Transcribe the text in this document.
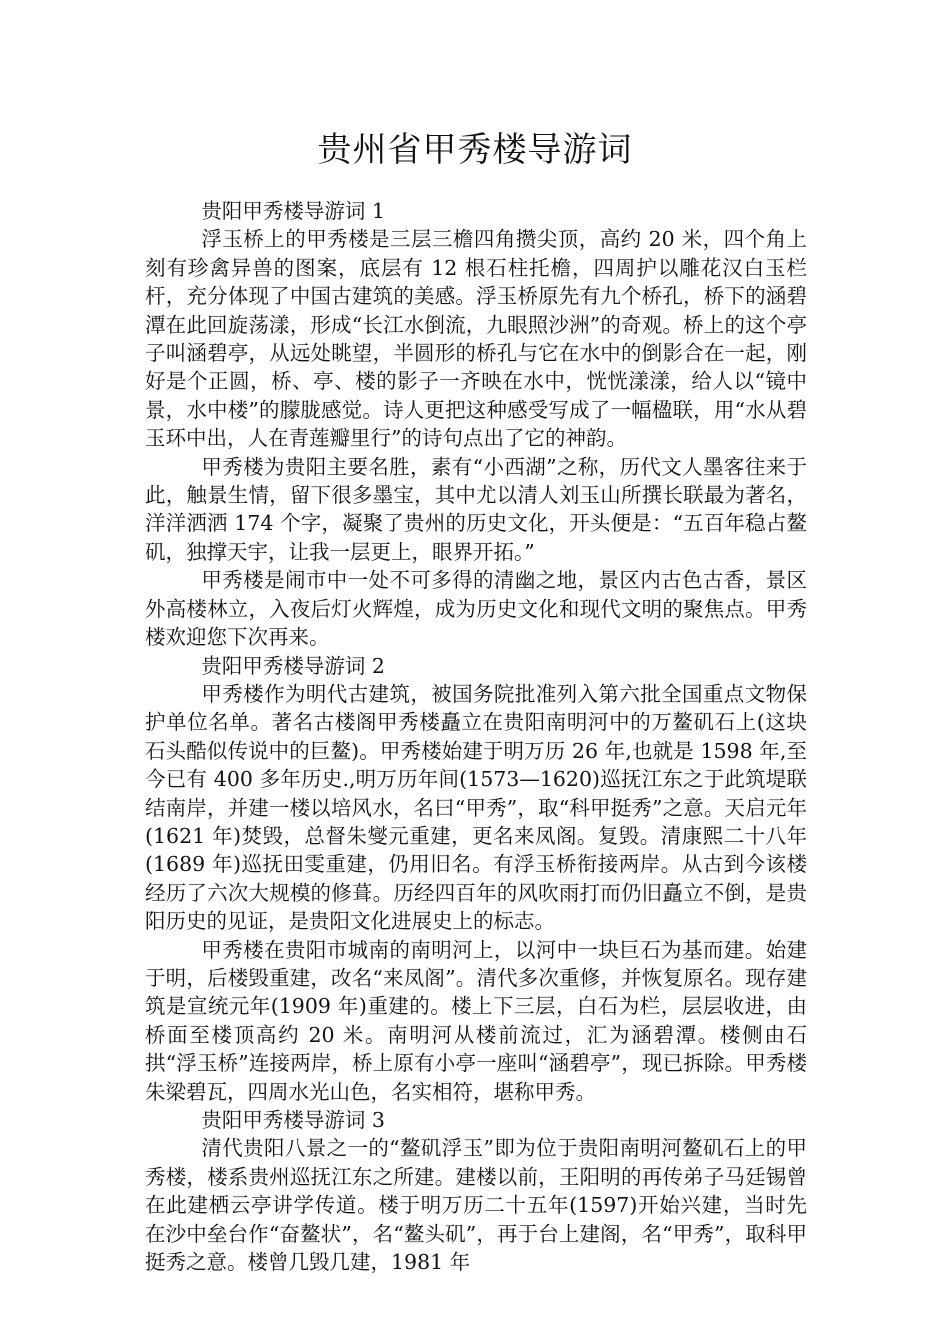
贵州省甲秀楼导游词

贵阳甲秀楼导游词 1

浮玉桥上的甲秀楼是三层三檐四角攒尖顶，高约 20 米，四个角上刻有珍禽异兽的图案，底层有 12 根石柱托檐，四周护以雕花汉白玉栏杆，充分体现了中国古建筑的美感。浮玉桥原先有九个桥孔，桥下的涵碧潭在此回旋荡漾，形成“长江水倒流，九眼照沙洲”的奇观。桥上的这个亭子叫涵碧亭，从远处眺望，半圆形的桥孔与它在水中的倒影合在一起，刚好是个正圆，桥、亭、楼的影子一齐映在水中，恍恍漾漾，给人以“镜中景，水中楼”的朦胧感觉。诗人更把这种感受写成了一幅楹联，用“水从碧玉环中出，人在青莲瓣里行”的诗句点出了它的神韵。

甲秀楼为贵阳主要名胜，素有“小西湖”之称，历代文人墨客往来于此，触景生情，留下很多墨宝，其中尤以清人刘玉山所撰长联最为著名，洋洋洒洒 174 个字，凝聚了贵州的历史文化，开头便是：“五百年稳占鳌矶，独撑天宇，让我一层更上，眼界开拓。”

甲秀楼是闹市中一处不可多得的清幽之地，景区内古色古香，景区外高楼林立，入夜后灯火辉煌，成为历史文化和现代文明的聚焦点。甲秀楼欢迎您下次再来。

贵阳甲秀楼导游词 2

甲秀楼作为明代古建筑，被国务院批准列入第六批全国重点文物保护单位名单。著名古楼阁甲秀楼矗立在贵阳南明河中的万鳌矶石上(这块石头酷似传说中的巨鳌)。甲秀楼始建于明万历 26 年,也就是 1598 年,至今已有 400 多年历史.,明万历年间(1573—1620)巡抚江东之于此筑堤联结南岸，并建一楼以培风水，名曰“甲秀”，取“科甲挺秀”之意。天启元年(1621 年)焚毁，总督朱燮元重建，更名来凤阁。复毁。清康熙二十八年(1689 年)巡抚田雯重建，仍用旧名。有浮玉桥衔接两岸。从古到今该楼经历了六次大规模的修葺。历经四百年的风吹雨打而仍旧矗立不倒，是贵阳历史的见证，是贵阳文化进展史上的标志。

甲秀楼在贵阳市城南的南明河上，以河中一块巨石为基而建。始建于明，后楼毁重建，改名“来凤阁”。清代多次重修，并恢复原名。现存建筑是宣统元年(1909 年)重建的。楼上下三层，白石为栏，层层收进，由桥面至楼顶高约 20 米。南明河从楼前流过，汇为涵碧潭。楼侧由石拱“浮玉桥”连接两岸，桥上原有小亭一座叫“涵碧亭”，现已拆除。甲秀楼朱梁碧瓦，四周水光山色，名实相符，堪称甲秀。

贵阳甲秀楼导游词 3

清代贵阳八景之一的“鳌矶浮玉”即为位于贵阳南明河鳌矶石上的甲秀楼，楼系贵州巡抚江东之所建。建楼以前，王阳明的再传弟子马廷锡曾在此建栖云亭讲学传道。楼于明万历二十五年(1597)开始兴建，当时先在沙中垒台作“奋鳌状”，名“鳌头矶”，再于台上建阁，名“甲秀”，取科甲挺秀之意。楼曾几毁几建，1981 年
